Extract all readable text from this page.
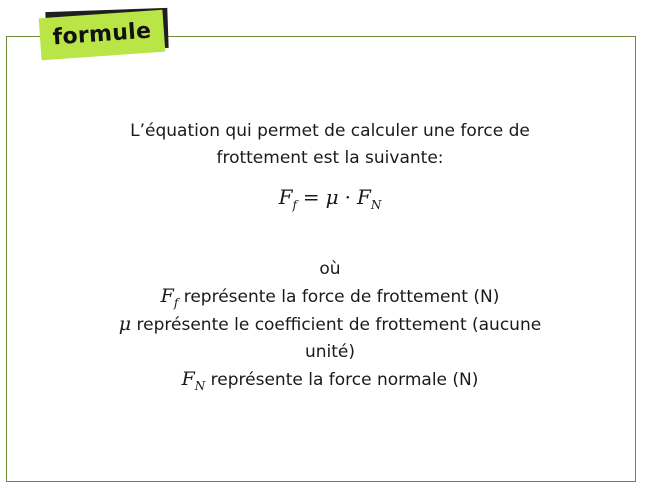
formule

L’équation qui permet de calculer une force de

frottement est la suivante:

$F_f = \mu \cdot F_N$

où

$F_f$ représente la force de frottement (N)

μ représente le coefficient de frottement (aucune

unité)

$F_N$ représente la force normale (N)
